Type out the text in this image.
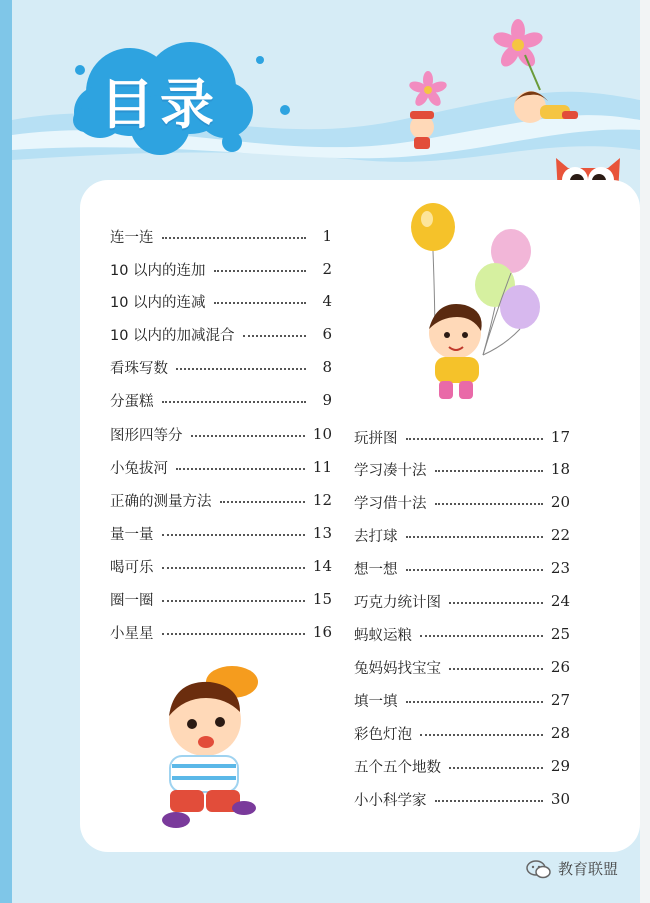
目录
连一连	1
10 以内的连加	2
10 以内的连减	4
10 以内的加减混合	6
看珠写数	8
分蛋糕	9
图形四等分	10
小兔拔河	11
正确的测量方法	12
量一量	13
喝可乐	14
圈一圈	15
小星星	16
玩拼图	17
学习凑十法	18
学习借十法	20
去打球	22
想一想	23
巧克力统计图	24
蚂蚁运粮	25
兔妈妈找宝宝	26
填一填	27
彩色灯泡	28
五个五个地数	29
小小科学家	30
教育联盟
